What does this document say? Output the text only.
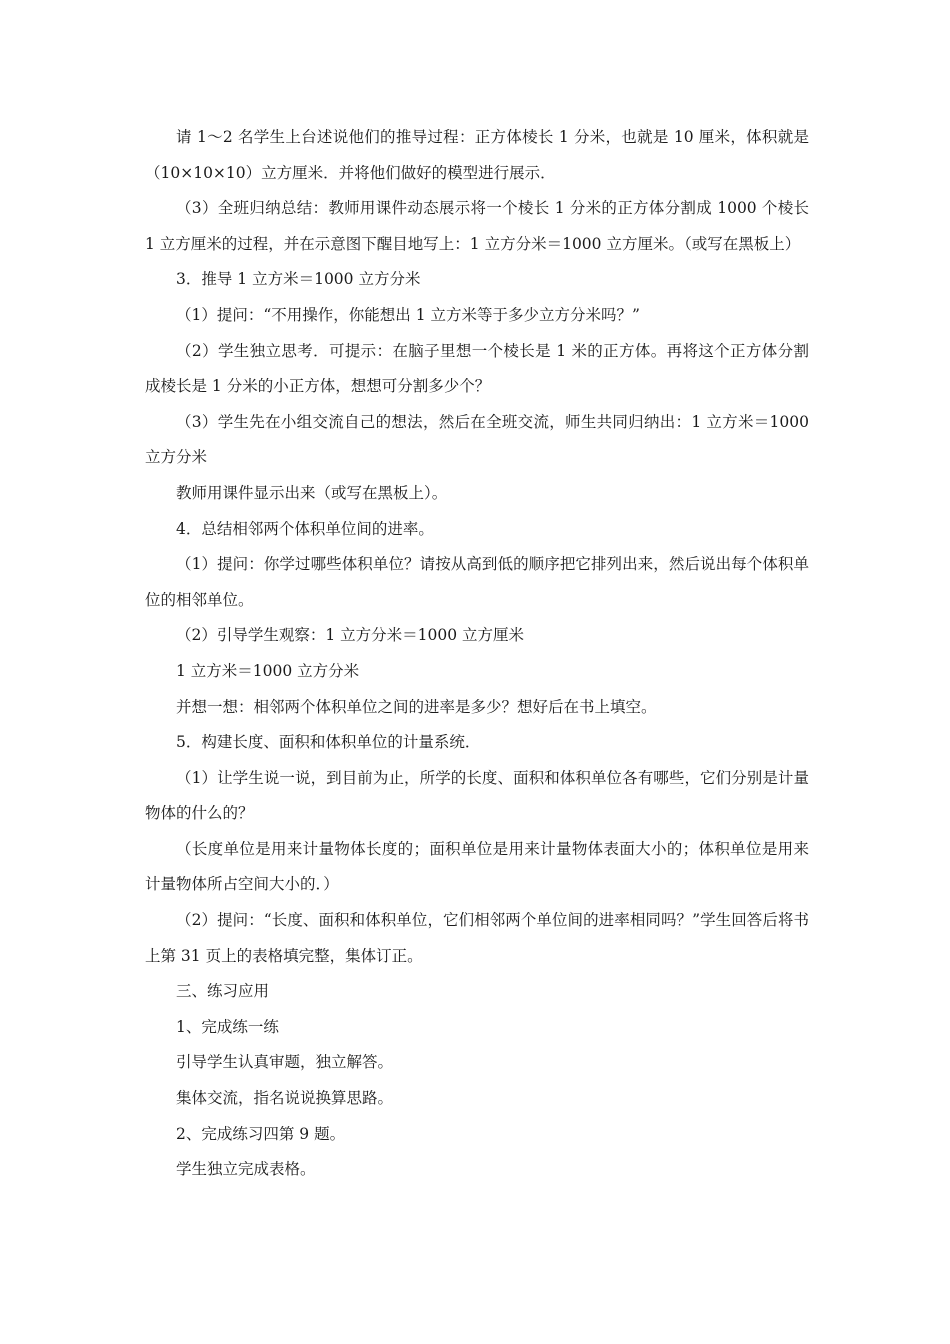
请 1～2 名学生上台述说他们的推导过程：正方体棱长 1 分米，也就是 10 厘米，体积就是（10×10×10）立方厘米．并将他们做好的模型进行展示．

（3）全班归纳总结：教师用课件动态展示将一个棱长 1 分米的正方体分割成 1000 个棱长 1 立方厘米的过程，并在示意图下醒目地写上：1 立方分米＝1000 立方厘米。（或写在黑板上）

3．推导 1 立方米＝1000 立方分米

（1）提问：“不用操作，你能想出 1 立方米等于多少立方分米吗？”

（2）学生独立思考．可提示：在脑子里想一个棱长是 1 米的正方体。再将这个正方体分割成棱长是 1 分米的小正方体，想想可分割多少个？

（3）学生先在小组交流自己的想法，然后在全班交流，师生共同归纳出：1 立方米＝1000 立方分米

教师用课件显示出来（或写在黑板上）。

4．总结相邻两个体积单位间的进率。

（1）提问：你学过哪些体积单位？请按从高到低的顺序把它排列出来，然后说出每个体积单位的相邻单位。

（2）引导学生观察：1 立方分米＝1000 立方厘米

1 立方米＝1000 立方分米

并想一想：相邻两个体积单位之间的进率是多少？想好后在书上填空。

5．构建长度、面积和体积单位的计量系统．

（1）让学生说一说，到目前为止，所学的长度、面积和体积单位各有哪些，它们分别是计量物体的什么的？

（长度单位是用来计量物体长度的；面积单位是用来计量物体表面大小的；体积单位是用来计量物体所占空间大小的．）

（2）提问：“长度、面积和体积单位，它们相邻两个单位间的进率相同吗？”学生回答后将书上第 31 页上的表格填完整，集体订正。

三、练习应用

1、完成练一练

引导学生认真审题，独立解答。

集体交流，指名说说换算思路。

2、完成练习四第 9 题。

学生独立完成表格。
